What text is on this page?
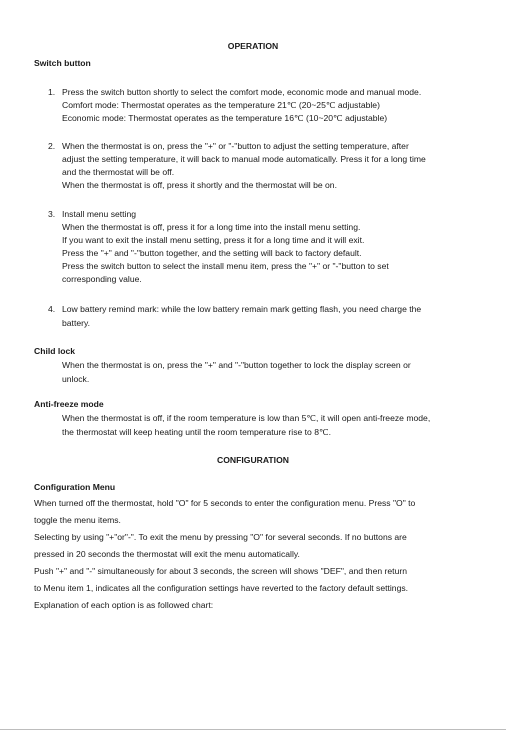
OPERATION
Switch button
1. Press the switch button shortly to select the comfort mode, economic mode and manual mode.
Comfort mode: Thermostat operates as the temperature 21℃ (20~25℃ adjustable)
Economic mode: Thermostat operates as the temperature 16℃ (10~20℃ adjustable)
2. When the thermostat is on, press the "+" or "-"button to adjust the setting temperature, after
adjust the setting temperature, it will back to manual mode automatically. Press it for a long time
and the thermostat will be off.
When the thermostat is off, press it shortly and the thermostat will be on.
3. Install menu setting
When the thermostat is off, press it for a long time into the install menu setting.
If you want to exit the install menu setting, press it for a long time and it will exit.
Press the "+" and "-"button together, and the setting will back to factory default.
Press the switch button to select the install menu item, press the "+" or "-"button to set
corresponding value.
4. Low battery remind mark: while the low battery remain mark getting flash, you need charge the
battery.
Child lock
When the thermostat is on, press the "+" and "-"button together to lock the display screen or
unlock.
Anti-freeze mode
When the thermostat is off, if the room temperature is low than 5℃, it will open anti-freeze mode,
the thermostat will keep heating until the room temperature rise to 8℃.
CONFIGURATION
Configuration Menu
When turned off the thermostat, hold "O" for 5 seconds to enter the configuration menu. Press "O" to
toggle the menu items.
Selecting by using "+"or"-". To exit the menu by pressing "O" for several seconds. If no buttons are
pressed in 20 seconds the thermostat will exit the menu automatically.
Push "+" and "-" simultaneously for about 3 seconds, the screen will shows "DEF", and then return
to Menu item 1, indicates all the configuration settings have reverted to the factory default settings.
Explanation of each option is as followed chart:
